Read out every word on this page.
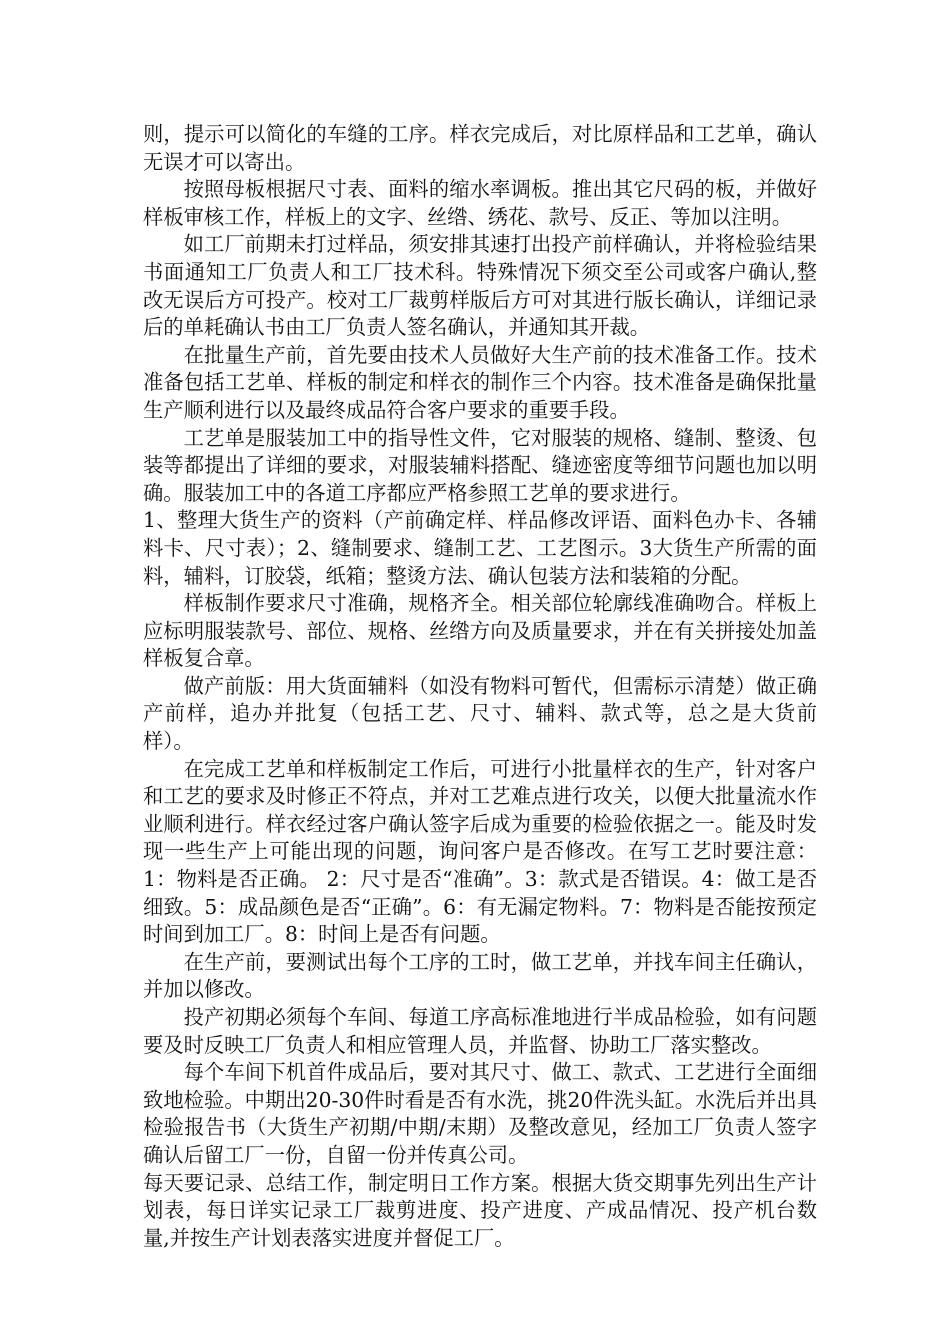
则，提示可以简化的车缝的工序。样衣完成后，对比原样品和工艺单，确认无误才可以寄出。

按照母板根据尺寸表、面料的缩水率调板。推出其它尺码的板，并做好样板审核工作，样板上的文字、丝绺、绣花、款号、反正、等加以注明。

如工厂前期未打过样品，须安排其速打出投产前样确认，并将检验结果书面通知工厂负责人和工厂技术科。特殊情况下须交至公司或客户确认,整改无误后方可投产。校对工厂裁剪样版后方可对其进行版长确认，详细记录后的单耗确认书由工厂负责人签名确认，并通知其开裁。

在批量生产前，首先要由技术人员做好大生产前的技术准备工作。技术准备包括工艺单、样板的制定和样衣的制作三个内容。技术准备是确保批量生产顺利进行以及最终成品符合客户要求的重要手段。

工艺单是服装加工中的指导性文件，它对服装的规格、缝制、整烫、包装等都提出了详细的要求，对服装辅料搭配、缝迹密度等细节问题也加以明确。服装加工中的各道工序都应严格参照工艺单的要求进行。

1、整理大货生产的资料（产前确定样、样品修改评语、面料色办卡、各辅料卡、尺寸表）；2、缝制要求、缝制工艺、工艺图示。3大货生产所需的面料，辅料，订胶袋，纸箱；整烫方法、确认包装方法和装箱的分配。

样板制作要求尺寸准确，规格齐全。相关部位轮廓线准确吻合。样板上应标明服装款号、部位、规格、丝绺方向及质量要求，并在有关拼接处加盖样板复合章。

做产前版：用大货面辅料（如没有物料可暂代，但需标示清楚）做正确产前样，追办并批复（包括工艺、尺寸、辅料、款式等，总之是大货前样）。

在完成工艺单和样板制定工作后，可进行小批量样衣的生产，针对客户和工艺的要求及时修正不符点，并对工艺难点进行攻关，以便大批量流水作业顺利进行。样衣经过客户确认签字后成为重要的检验依据之一。能及时发现一些生产上可能出现的问题，询问客户是否修改。在写工艺时要注意：1：物料是否正确。 2：尺寸是否“准确”。3：款式是否错误。4：做工是否细致。5：成品颜色是否“正确”。6：有无漏定物料。7：物料是否能按预定时间到加工厂。8：时间上是否有问题。

在生产前，要测试出每个工序的工时，做工艺单，并找车间主任确认，并加以修改。

投产初期必须每个车间、每道工序高标准地进行半成品检验，如有问题要及时反映工厂负责人和相应管理人员，并监督、协助工厂落实整改。

每个车间下机首件成品后，要对其尺寸、做工、款式、工艺进行全面细致地检验。中期出20-30件时看是否有水洗，挑20件洗头缸。水洗后并出具检验报告书（大货生产初期/中期/末期）及整改意见，经加工厂负责人签字确认后留工厂一份，自留一份并传真公司。

每天要记录、总结工作，制定明日工作方案。根据大货交期事先列出生产计划表，每日详实记录工厂裁剪进度、投产进度、产成品情况、投产机台数量,并按生产计划表落实进度并督促工厂。
